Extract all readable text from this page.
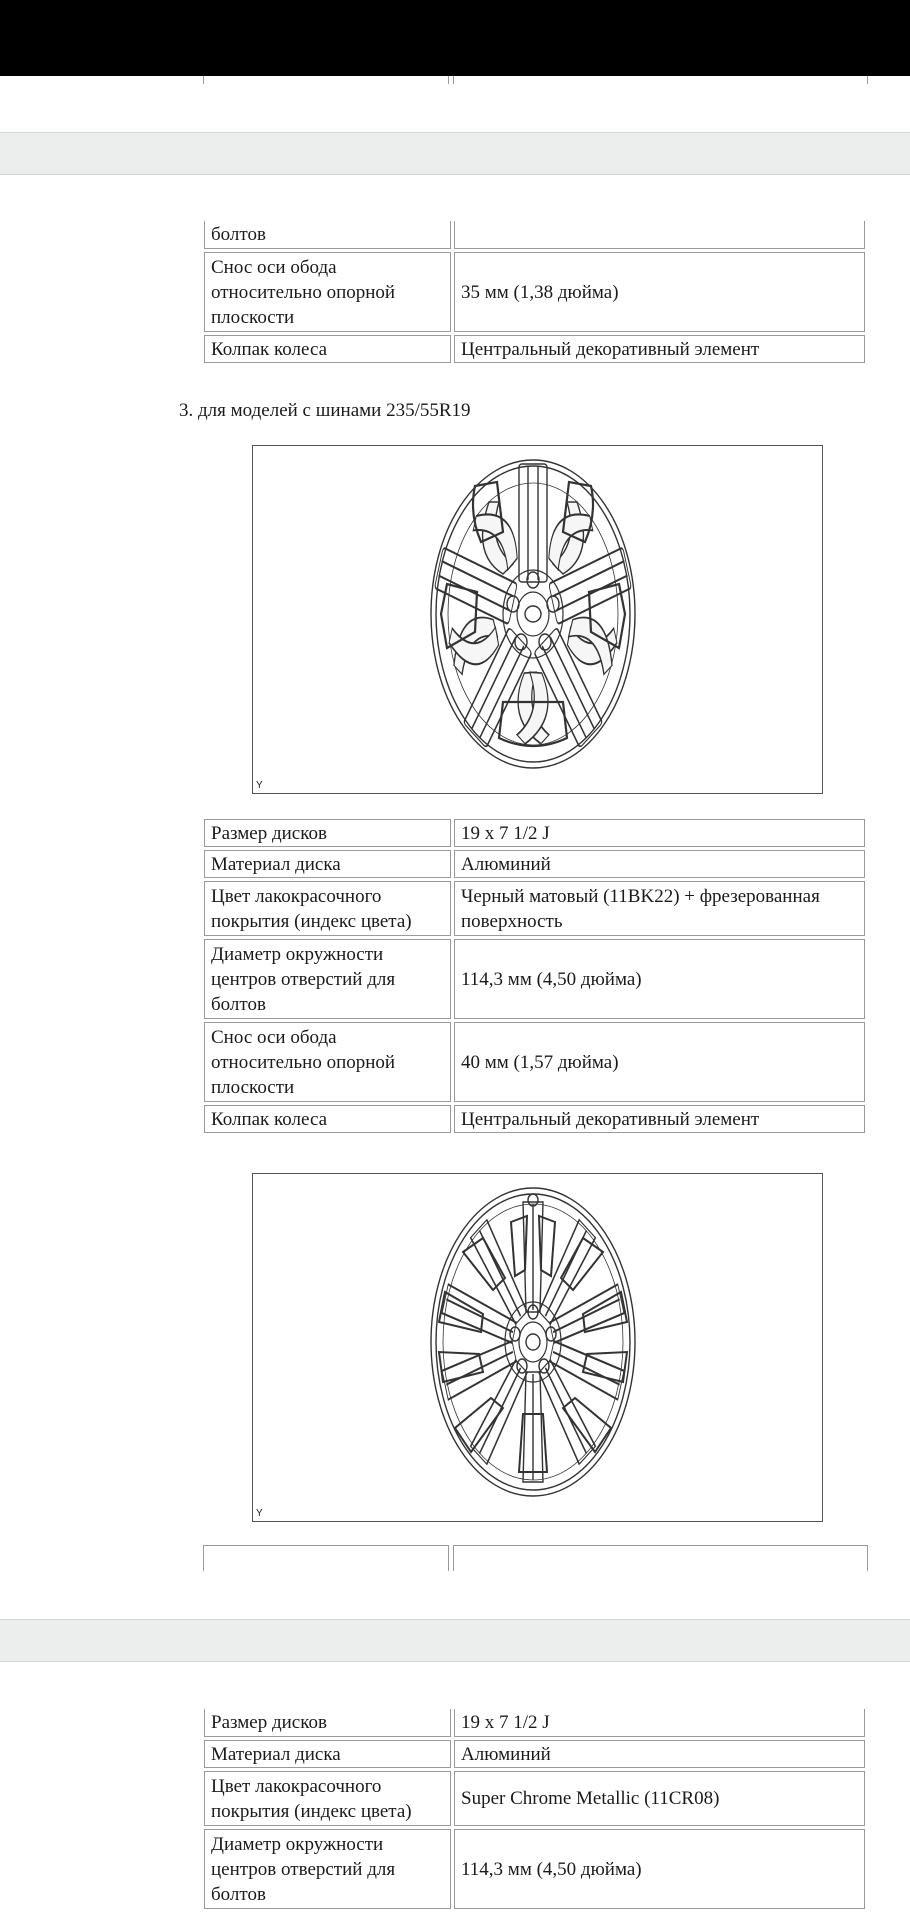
болтов	
Снос оси обода относительно опорной плоскости	35 мм (1,38 дюйма)
Колпак колеса	Центральный декоративный элемент
3. для моделей с шинами 235/55R19
Y
Размер дисков	19 x 7 1/2 J
Материал диска	Алюминий
Цвет лакокрасочного покрытия (индекс цвета)	Черный матовый (11BK22) + фрезерованная поверхность
Диаметр окружности центров отверстий для болтов	114,3 мм (4,50 дюйма)
Снос оси обода относительно опорной плоскости	40 мм (1,57 дюйма)
Колпак колеса	Центральный декоративный элемент
Y
Размер дисков	19 x 7 1/2 J
Материал диска	Алюминий
Цвет лакокрасочного покрытия (индекс цвета)	Super Chrome Metallic (11CR08)
Диаметр окружности центров отверстий для болтов	114,3 мм (4,50 дюйма)
